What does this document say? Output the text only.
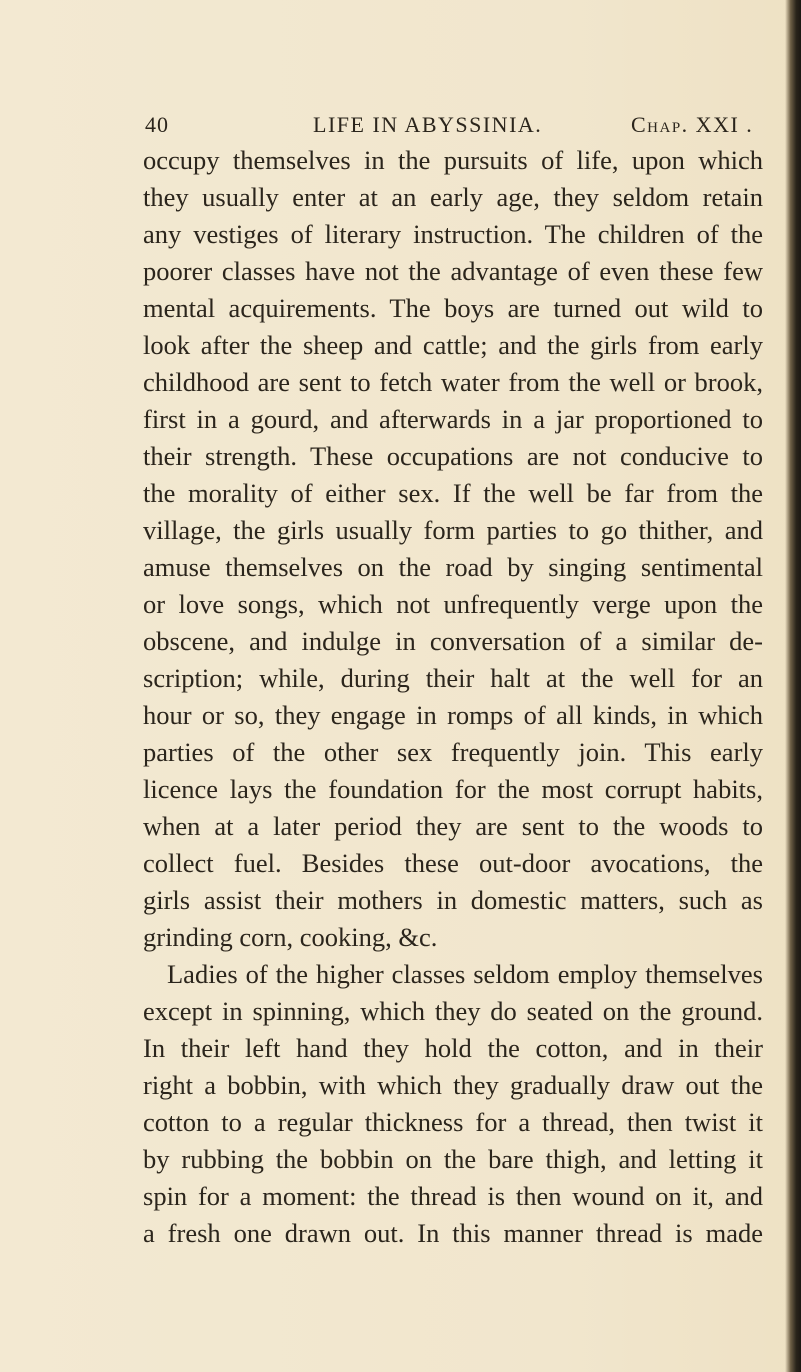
40	LIFE IN ABYSSINIA.	Chap. XXI .
occupy themselves in the pursuits of life, upon which
they usually enter at an early age, they seldom retain
any vestiges of literary instruction. The children of the
poorer classes have not the advantage of even these few
mental acquirements. The boys are turned out wild to
look after the sheep and cattle; and the girls from early
childhood are sent to fetch water from the well or brook,
first in a gourd, and afterwards in a jar proportioned to
their strength. These occupations are not conducive to
the morality of either sex. If the well be far from the
village, the girls usually form parties to go thither, and
amuse themselves on the road by singing sentimental
or love songs, which not unfrequently verge upon the
obscene, and indulge in conversation of a similar de-
scription; while, during their halt at the well for an
hour or so, they engage in romps of all kinds, in which
parties of the other sex frequently join. This early
licence lays the foundation for the most corrupt habits,
when at a later period they are sent to the woods to
collect fuel. Besides these out-door avocations, the
girls assist their mothers in domestic matters, such as
grinding corn, cooking, &c.
Ladies of the higher classes seldom employ themselves
except in spinning, which they do seated on the ground.
In their left hand they hold the cotton, and in their
right a bobbin, with which they gradually draw out the
cotton to a regular thickness for a thread, then twist it
by rubbing the bobbin on the bare thigh, and letting it
spin for a moment: the thread is then wound on it, and
a fresh one drawn out. In this manner thread is made
